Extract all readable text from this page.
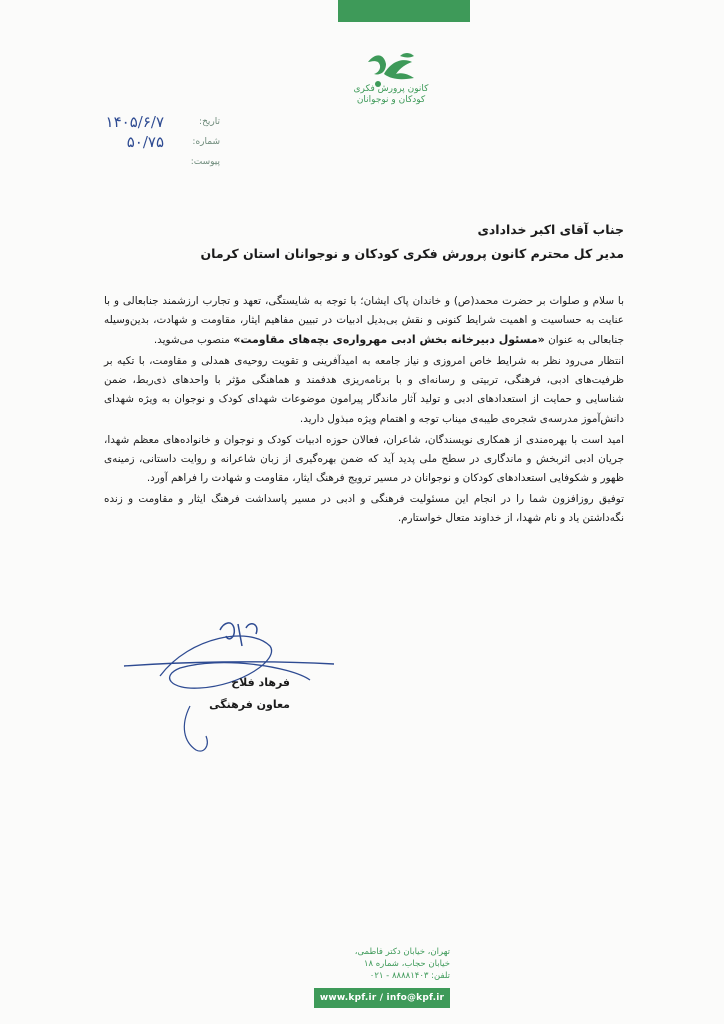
کانون پرورش فکری
کودکان و نوجوانان
تاریخ:
۱۴۰۵/۶/۷
شماره:
۵۰/۷۵
پیوست:
جناب آقای اکبر خدادادی
مدیر کل محترم کانون پرورش فکری کودکان و نوجوانان استان کرمان

با سلام و صلوات بر حضرت محمد(ص) و خاندان پاک ایشان؛ با توجه به شایستگی، تعهد و تجارب ارزشمند جنابعالی و با عنایت به حساسیت و اهمیت شرایط کنونی و نقش بی‌بدیل ادبیات در تبیین مفاهیم ایثار، مقاومت و شهادت، بدین‌وسیله جنابعالی به عنوان «مسئول دبیرخانه بخش ادبی مهرواره‌ی بچه‌های مقاومت» منصوب می‌شوید.

انتظار می‌رود نظر به شرایط خاص امروزی و نیاز جامعه به امیدآفرینی و تقویت روحیه‌ی همدلی و مقاومت، با تکیه بر ظرفیت‌های ادبی، فرهنگی، تربیتی و رسانه‌ای و با برنامه‌ریزی هدفمند و هماهنگی مؤثر با واحدهای ذی‌ربط، ضمن شناسایی و حمایت از استعدادهای ادبی و تولید آثار ماندگار پیرامون موضوعات شهدای کودک و نوجوان به ویژه شهدای دانش‌آموز مدرسه‌ی شجره‌ی طیبه‌ی میناب توجه و اهتمام ویژه مبذول دارید.

امید است با بهره‌مندی از همکاری نویسندگان، شاعران، فعالان حوزه ادبیات کودک و نوجوان و خانواده‌های معظم شهدا، جریان ادبی اثربخش و ماندگاری در سطح ملی پدید آید که ضمن بهره‌گیری از زبان شاعرانه و روایت داستانی، زمینه‌ی ظهور و شکوفایی استعدادهای کودکان و نوجوانان در مسیر ترویج فرهنگ ایثار، مقاومت و شهادت را فراهم آورد.

توفیق روزافزون شما را در انجام این مسئولیت فرهنگی و ادبی در مسیر پاسداشت فرهنگ ایثار و مقاومت و زنده نگه‌داشتن یاد و نام شهدا، از خداوند متعال خواستارم.

فرهاد فلاح
معاون فرهنگی
تهران، خیابان دکتر فاطمی،
خیابان حجاب، شماره ۱۸
تلفن: ۸۸۸۸۱۴۰۳ - ۰۲۱
www.kpf.ir / info@kpf.ir
